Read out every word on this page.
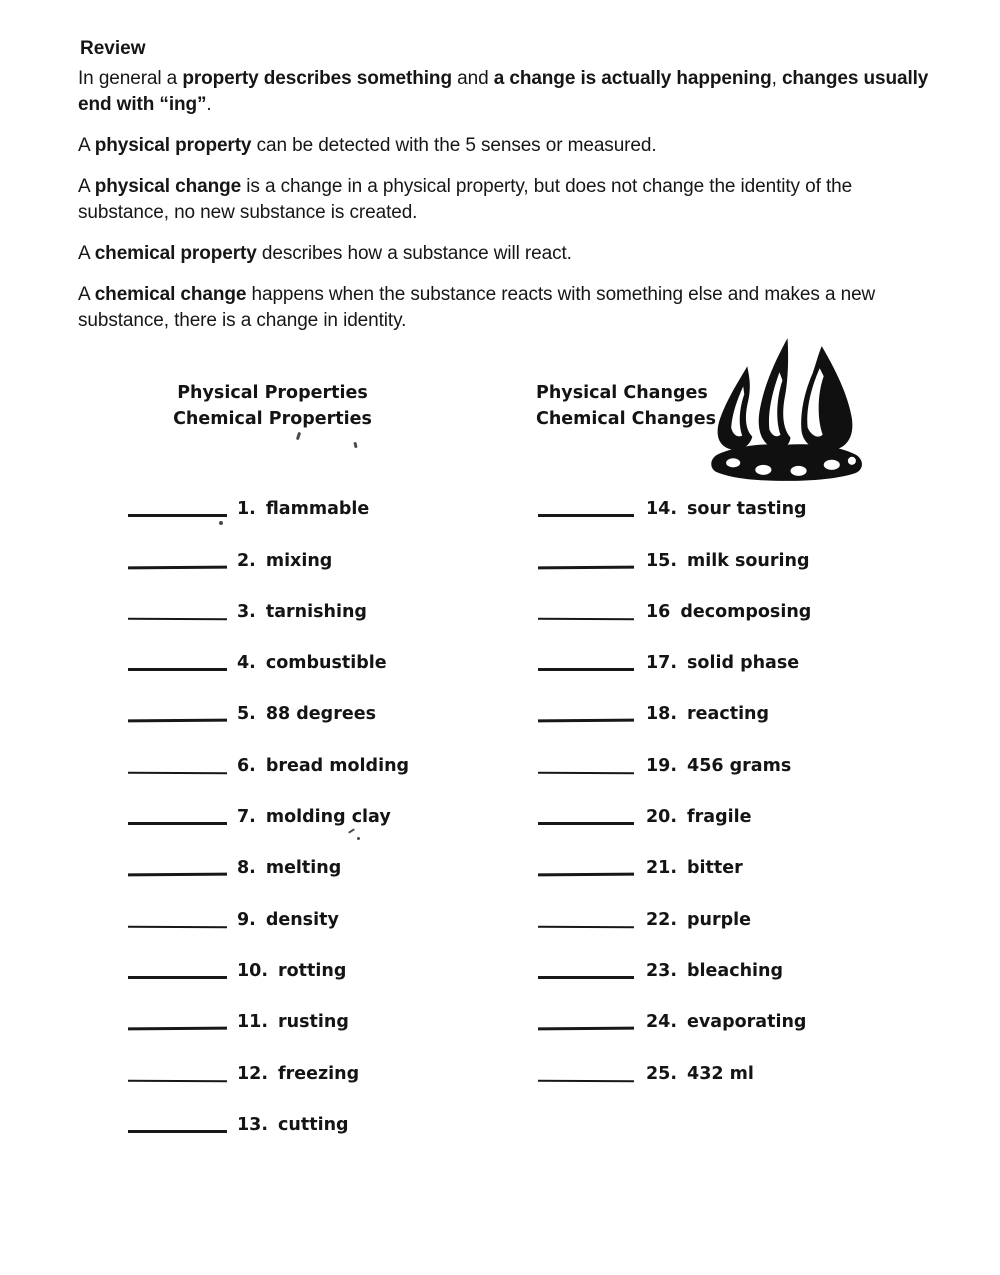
Review

In general a property describes something and a change is actually happening, changes usually end with “ing”.

A physical property can be detected with the 5 senses or measured.

A physical change is a change in a physical property, but does not change the identity of the substance, no new substance is created.

A chemical property describes how a substance will react.

A chemical change happens when the substance reacts with something else and makes a new substance, there is a change in identity.

Physical Properties
Chemical Properties
Physical Changes
Chemical Changes
1. flammable
2. mixing
3. tarnishing
4. combustible
5. 88 degrees
6. bread molding
7. molding clay
8. melting
9. density
10. rotting
11. rusting
12. freezing
13. cutting
14. sour tasting
15. milk souring
16 decomposing
17. solid phase
18. reacting
19. 456 grams
20. fragile
21. bitter
22. purple
23. bleaching
24. evaporating
25. 432 ml
